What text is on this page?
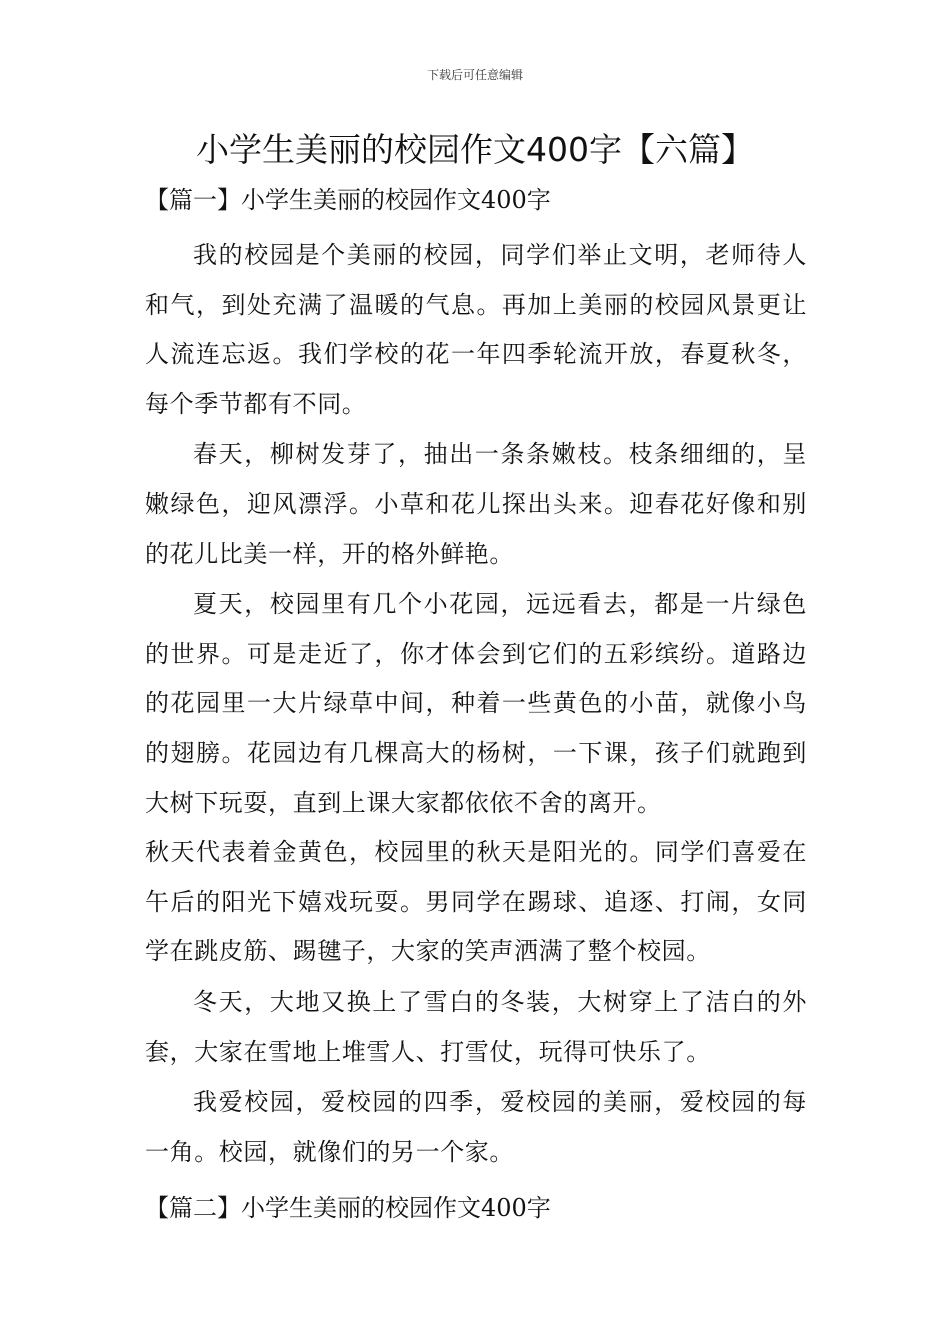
下载后可任意编辑
小学生美丽的校园作文400字【六篇】

【篇一】小学生美丽的校园作文400字

我的校园是个美丽的校园，同学们举止文明，老师待人和气，到处充满了温暖的气息。再加上美丽的校园风景更让人流连忘返。我们学校的花一年四季轮流开放，春夏秋冬，每个季节都有不同。

春天，柳树发芽了，抽出一条条嫩枝。枝条细细的，呈嫩绿色，迎风漂浮。小草和花儿探出头来。迎春花好像和别的花儿比美一样，开的格外鲜艳。

夏天，校园里有几个小花园，远远看去，都是一片绿色的世界。可是走近了，你才体会到它们的五彩缤纷。道路边的花园里一大片绿草中间，种着一些黄色的小苗，就像小鸟的翅膀。花园边有几棵高大的杨树，一下课，孩子们就跑到大树下玩耍，直到上课大家都依依不舍的离开。

秋天代表着金黄色，校园里的秋天是阳光的。同学们喜爱在午后的阳光下嬉戏玩耍。男同学在踢球、追逐、打闹，女同学在跳皮筋、踢毽子，大家的笑声洒满了整个校园。

冬天，大地又换上了雪白的冬装，大树穿上了洁白的外套，大家在雪地上堆雪人、打雪仗，玩得可快乐了。

我爱校园，爱校园的四季，爱校园的美丽，爱校园的每一角。校园，就像们的另一个家。

【篇二】小学生美丽的校园作文400字
